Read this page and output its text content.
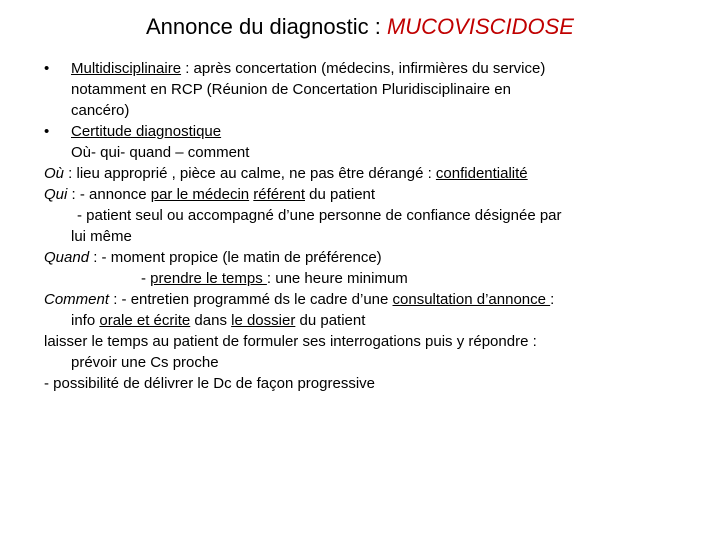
Annonce du diagnostic : MUCOVISCIDOSE
• Multidisciplinaire : après concertation (médecins, infirmières du service)
notamment en RCP (Réunion de Concertation Pluridisciplinaire en
cancéro)
• Certitude diagnostique
Où- qui- quand – comment
Où : lieu approprié , pièce au calme, ne pas être dérangé : confidentialité
Qui : - annonce par le médecin référent du patient
- patient seul ou accompagné d’une personne de confiance désignée par
lui même
Quand : - moment propice (le matin de préférence)
- prendre le temps : une heure minimum
Comment : - entretien programmé ds le cadre d’une consultation d’annonce :
info orale et écrite dans le dossier du patient
laisser le temps au patient de formuler ses interrogations puis y répondre :
prévoir une Cs proche
- possibilité de délivrer le Dc de façon progressive
